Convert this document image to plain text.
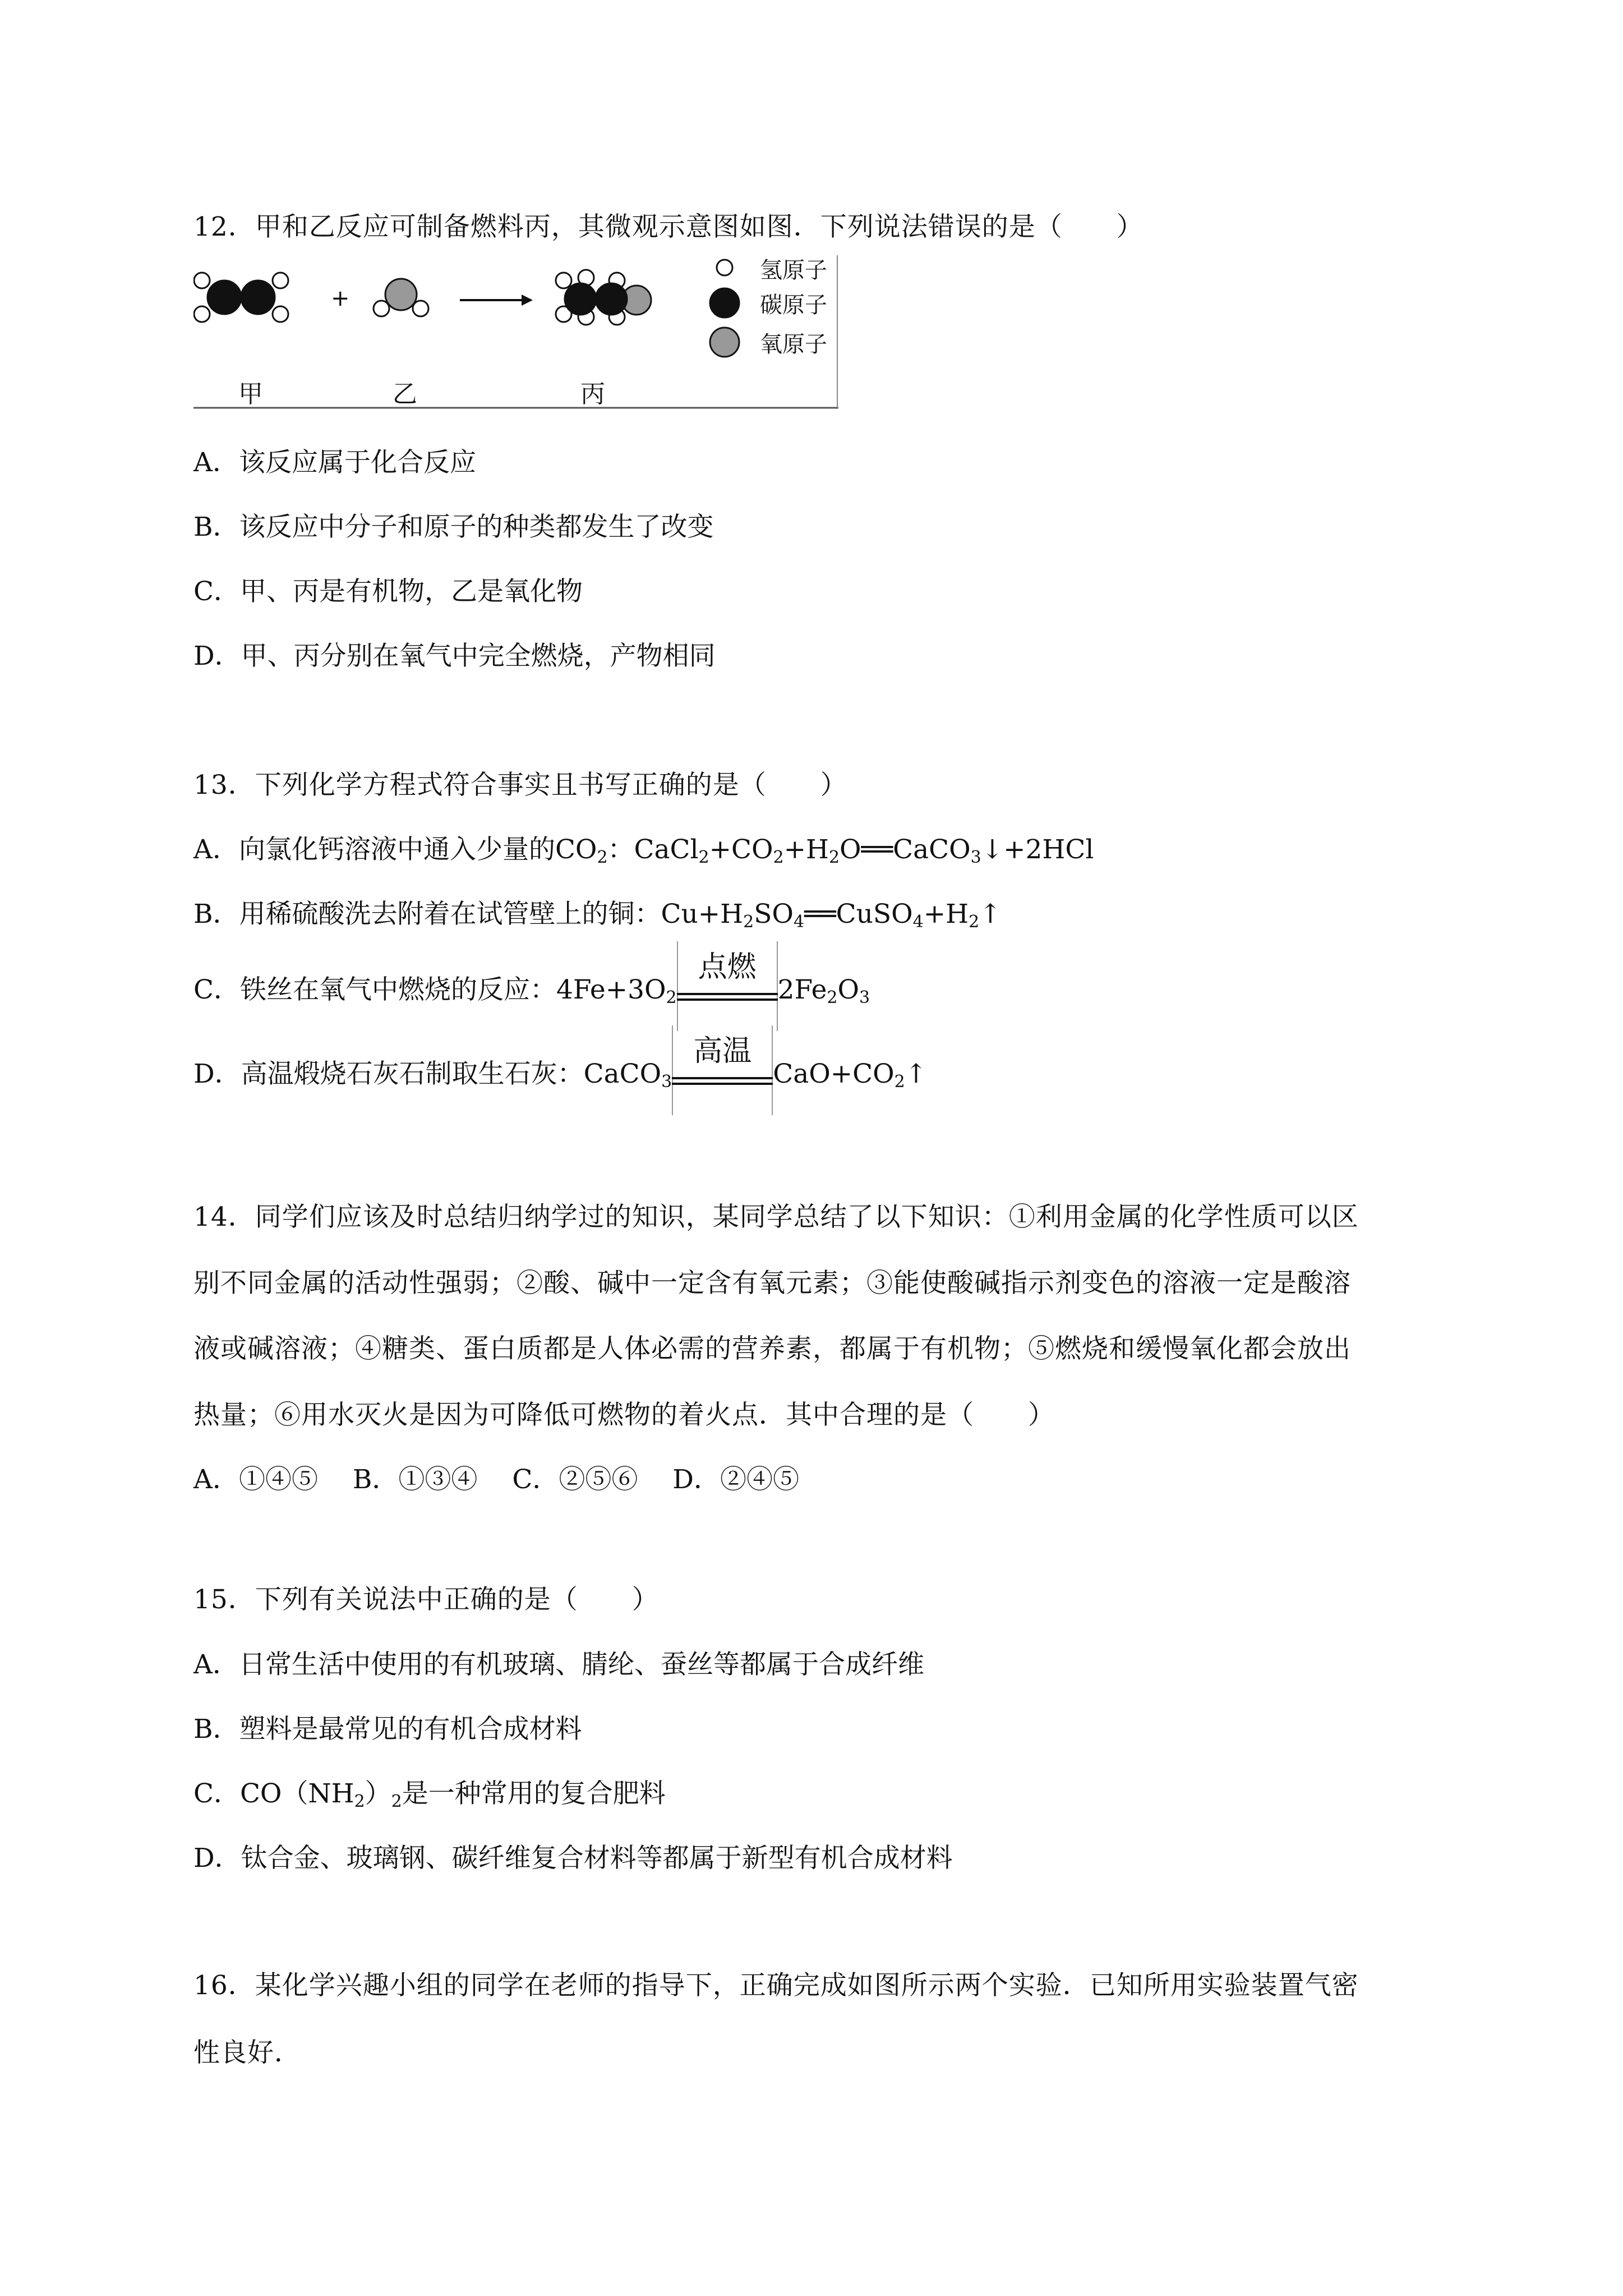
12．甲和乙反应可制备燃料丙，其微观示意图如图．下列说法错误的是（　　）
+
氢原子
碳原子
氧原子
甲	乙	丙
A．该反应属于化合反应
B．该反应中分子和原子的种类都发生了改变
C．甲、丙是有机物，乙是氧化物
D．甲、丙分别在氧气中完全燃烧，产物相同
13．下列化学方程式符合事实且书写正确的是（　　）
A．向氯化钙溶液中通入少量的$CO_2$：$CaCl_2+CO_2+H_2O══CaCO_3↓+2HCl$
B．用稀硫酸洗去附着在试管壁上的铜：$Cu+H_2SO_4══CuSO_4+H_2↑$
C．铁丝在氧气中燃烧的反应：$4Fe+3O_2$
点燃
$2Fe_2O_3$
D．高温煅烧石灰石制取生石灰：CaCO$_3$
高温
$CaO+CO_2↑$
14．同学们应该及时总结归纳学过的知识，某同学总结了以下知识：①利用金属的化学性质可以区
别不同金属的活动性强弱；②酸、碱中一定含有氧元素；③能使酸碱指示剂变色的溶液一定是酸溶
液或碱溶液；④糖类、蛋白质都是人体必需的营养素，都属于有机物；⑤燃烧和缓慢氧化都会放出
热量；⑥用水灭火是因为可降低可燃物的着火点．其中合理的是（　　）
A．①④⑤　 B．①③④　 C．②⑤⑥　 D．②④⑤
15．下列有关说法中正确的是（　　）
A．日常生活中使用的有机玻璃、腈纶、蚕丝等都属于合成纤维
B．塑料是最常见的有机合成材料
C．$CO(NH_2)_2$是一种常用的复合肥料
D．钛合金、玻璃钢、碳纤维复合材料等都属于新型有机合成材料
16．某化学兴趣小组的同学在老师的指导下，正确完成如图所示两个实验．已知所用实验装置气密
性良好．
